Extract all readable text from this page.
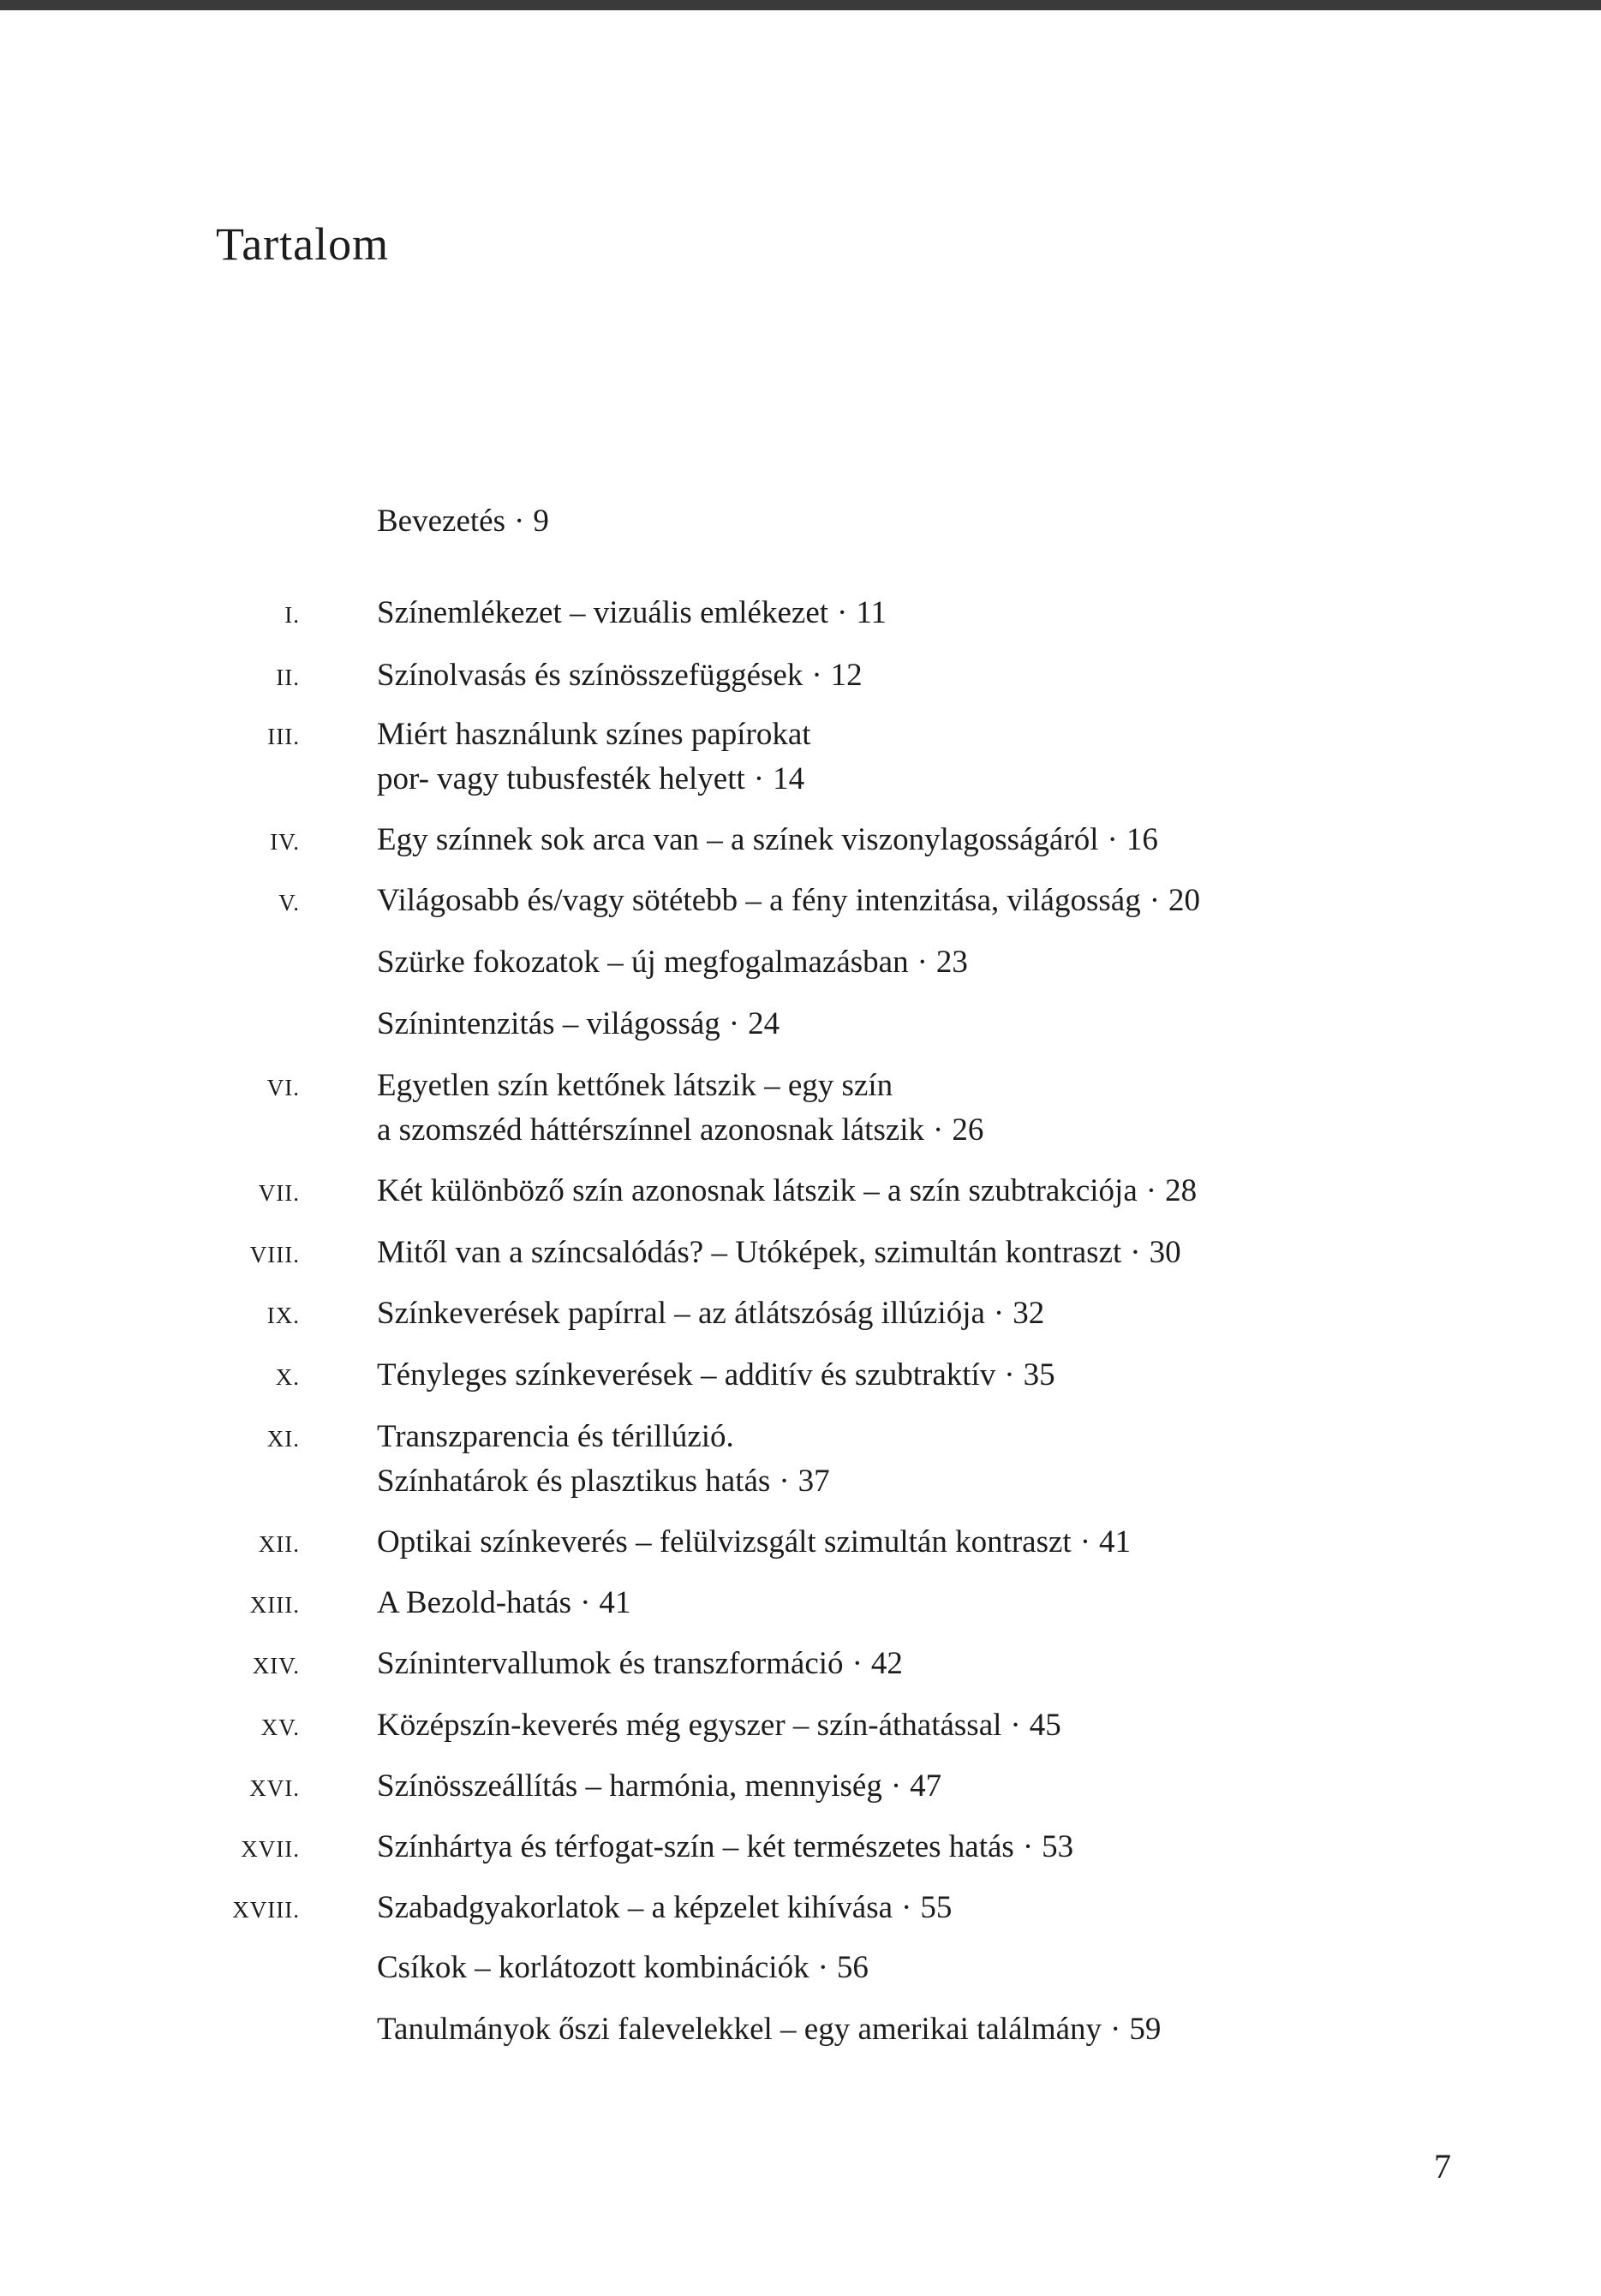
Tartalom
Bevezetés · 9
I. Színemlékezet – vizuális emlékezet · 11
II. Színolvasás és színösszefüggések · 12
III. Miért használunk színes papírokat
por- vagy tubusfesték helyett · 14
IV. Egy színnek sok arca van – a színek viszonylagosságáról · 16
V. Világosabb és/vagy sötétebb – a fény intenzitása, világosság · 20
Szürke fokozatok – új megfogalmazásban · 23
Színintenzitás – világosság · 24
VI. Egyetlen szín kettőnek látszik – egy szín
a szomszéd háttérszínnel azonosnak látszik · 26
VII. Két különböző szín azonosnak látszik – a szín szubtrakciója · 28
VIII. Mitől van a színcsalódás? – Utóképek, szimultán kontraszt · 30
IX. Színkeverések papírral – az átlátszóság illúziója · 32
X. Tényleges színkeverések – additív és szubtraktív · 35
XI. Transzparencia és térillúzió.
Színhatárok és plasztikus hatás · 37
XII. Optikai színkeverés – felülvizsgált szimultán kontraszt · 41
XIII. A Bezold-hatás · 41
XIV. Színintervallumok és transzformáció · 42
XV. Középszín-keverés még egyszer – szín-áthatással · 45
XVI. Színösszeállítás – harmónia, mennyiség · 47
XVII. Színhártya és térfogat-szín – két természetes hatás · 53
XVIII. Szabadgyakorlatok – a képzelet kihívása · 55
Csíkok – korlátozott kombinációk · 56
Tanulmányok őszi falevelekkel – egy amerikai találmány · 59
7
